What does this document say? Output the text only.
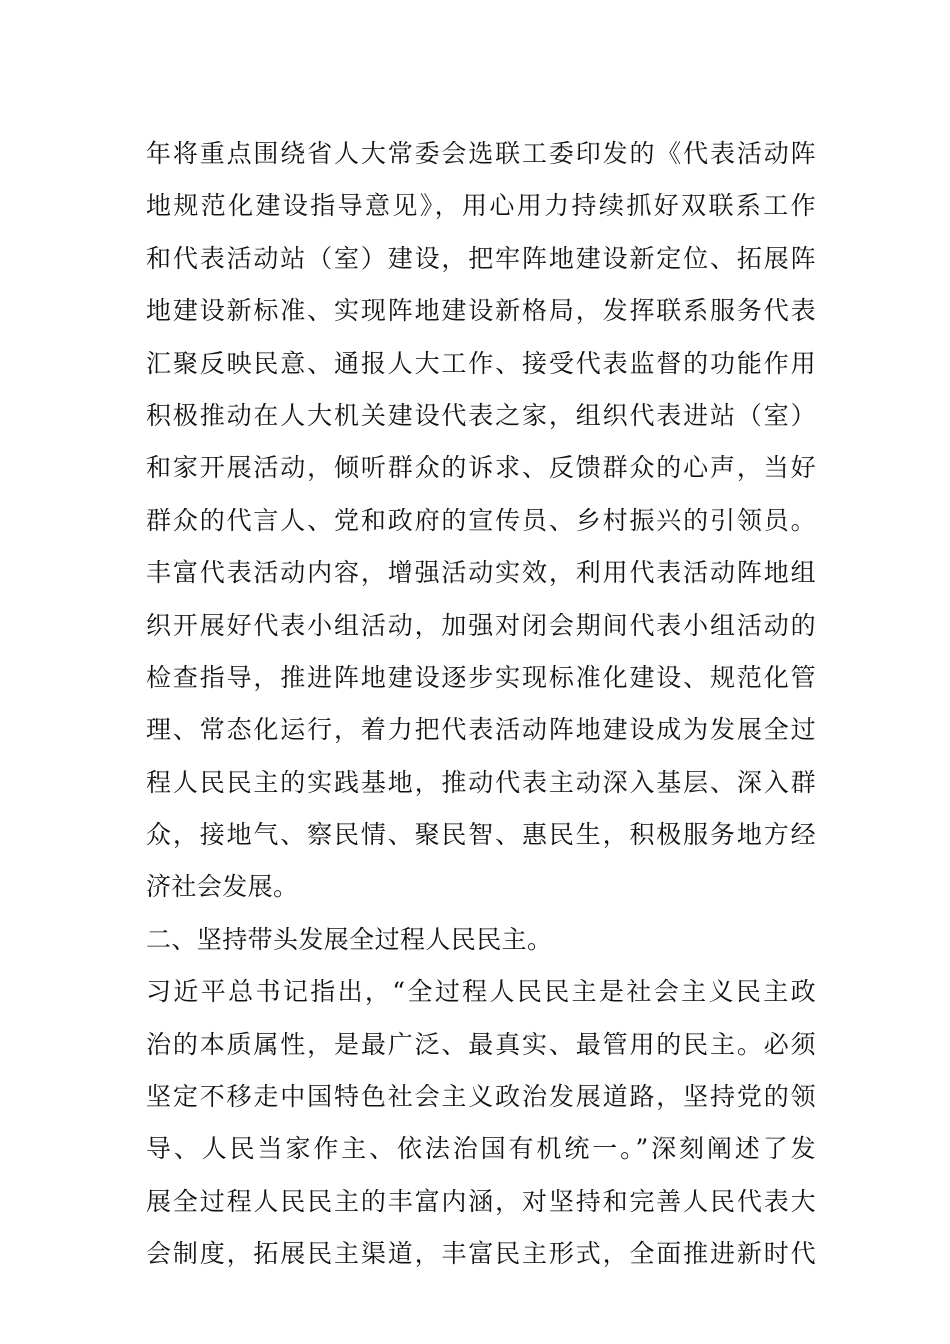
年将重点围绕省人大常委会选联工委印发的《代表活动阵
地规范化建设指导意见》，用心用力持续抓好双联系工作
和代表活动站（室）建设，把牢阵地建设新定位、拓展阵
地建设新标准、实现阵地建设新格局，发挥联系服务代表
汇聚反映民意、通报人大工作、接受代表监督的功能作用
积极推动在人大机关建设代表之家，组织代表进站（室）
和家开展活动，倾听群众的诉求、反馈群众的心声，当好
群众的代言人、党和政府的宣传员、乡村振兴的引领员。
丰富代表活动内容，增强活动实效，利用代表活动阵地组
织开展好代表小组活动，加强对闭会期间代表小组活动的
检查指导，推进阵地建设逐步实现标准化建设、规范化管
理、常态化运行，着力把代表活动阵地建设成为发展全过
程人民民主的实践基地，推动代表主动深入基层、深入群
众，接地气、察民情、聚民智、惠民生，积极服务地方经
济社会发展。
二、坚持带头发展全过程人民民主。
习近平总书记指出，“全过程人民民主是社会主义民主政
治的本质属性，是最广泛、最真实、最管用的民主。必须
坚定不移走中国特色社会主义政治发展道路，坚持党的领
导、人民当家作主、依法治国有机统一。”深刻阐述了发
展全过程人民民主的丰富内涵，对坚持和完善人民代表大
会制度，拓展民主渠道，丰富民主形式，全面推进新时代
